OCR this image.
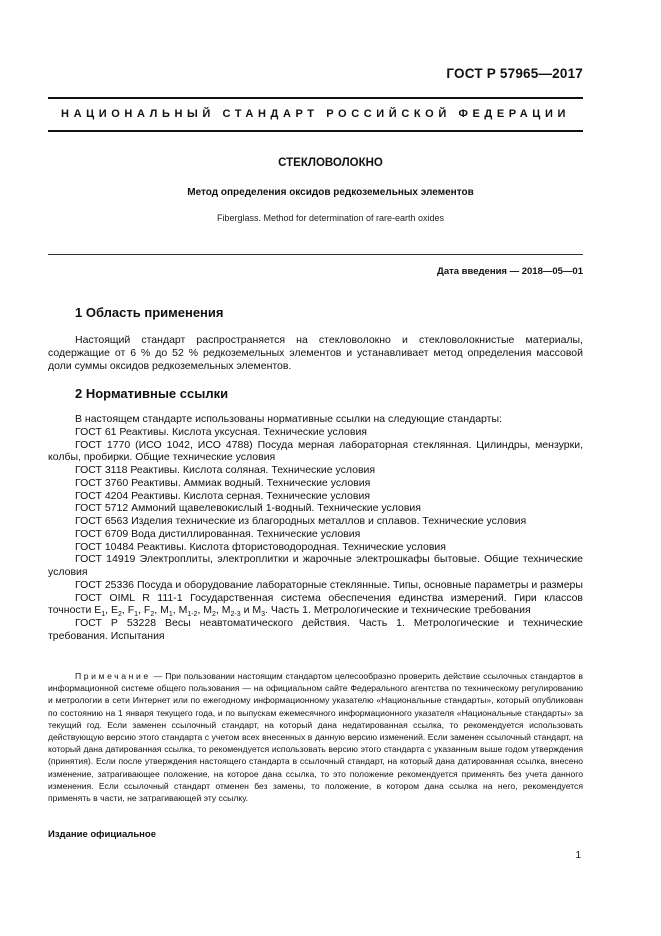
ГОСТ Р 57965—2017
НАЦИОНАЛЬНЫЙ СТАНДАРТ РОССИЙСКОЙ ФЕДЕРАЦИИ
СТЕКЛОВОЛОКНО
Метод определения оксидов редкоземельных элементов
Fiberglass. Method for determination of rare-earth oxides
Дата введения — 2018—05—01
1 Область применения
Настоящий стандарт распространяется на стекловолокно и стекловолокнистые материалы, содержащие от 6 % до 52 % редкоземельных элементов и устанавливает метод определения массовой доли суммы оксидов редкоземельных элементов.
2 Нормативные ссылки
В настоящем стандарте использованы нормативные ссылки на следующие стандарты:
ГОСТ 61 Реактивы. Кислота уксусная. Технические условия
ГОСТ 1770 (ИСО 1042, ИСО 4788) Посуда мерная лабораторная стеклянная. Цилиндры, мензурки, колбы, пробирки. Общие технические условия
ГОСТ 3118 Реактивы. Кислота соляная. Технические условия
ГОСТ 3760 Реактивы. Аммиак водный. Технические условия
ГОСТ 4204 Реактивы. Кислота серная. Технические условия
ГОСТ 5712 Аммоний щавелевокислый 1-водный. Технические условия
ГОСТ 6563 Изделия технические из благородных металлов и сплавов. Технические условия
ГОСТ 6709 Вода дистиллированная. Технические условия
ГОСТ 10484 Реактивы. Кислота фтористоводородная. Технические условия
ГОСТ 14919 Электроплиты, электроплитки и жарочные электрошкафы бытовые. Общие технические условия
ГОСТ 25336 Посуда и оборудование лабораторные стеклянные. Типы, основные параметры и размеры
ГОСТ OIML R 111-1 Государственная система обеспечения единства измерений. Гири классов точности $E_1$, $E_2$, $F_1$, $F_2$, $M_1$, $M_{1-2}$, $M_2$, $M_{2-3}$ и $M_3$. Часть 1. Метрологические и технические требования
ГОСТ Р 53228 Весы неавтоматического действия. Часть 1. Метрологические и технические требования. Испытания
Примечание — При пользовании настоящим стандартом целесообразно проверить действие ссылочных стандартов в информационной системе общего пользования — на официальном сайте Федерального агентства по техническому регулированию и метрологии в сети Интернет или по ежегодному информационному указателю «Национальные стандарты», который опубликован по состоянию на 1 января текущего года, и по выпускам ежемесячного информационного указателя «Национальные стандарты» за текущий год. Если заменен ссылочный стандарт, на который дана недатированная ссылка, то рекомендуется использовать действующую версию этого стандарта с учетом всех внесенных в данную версию изменений. Если заменен ссылочный стандарт, на который дана датированная ссылка, то рекомендуется использовать версию этого стандарта с указанным выше годом утверждения (принятия). Если после утверждения настоящего стандарта в ссылочный стандарт, на который дана датированная ссылка, внесено изменение, затрагивающее положение, на которое дана ссылка, то это положение рекомендуется применять без учета данного изменения. Если ссылочный стандарт отменен без замены, то положение, в котором дана ссылка на него, рекомендуется применять в части, не затрагивающей эту ссылку.
Издание официальное
1
